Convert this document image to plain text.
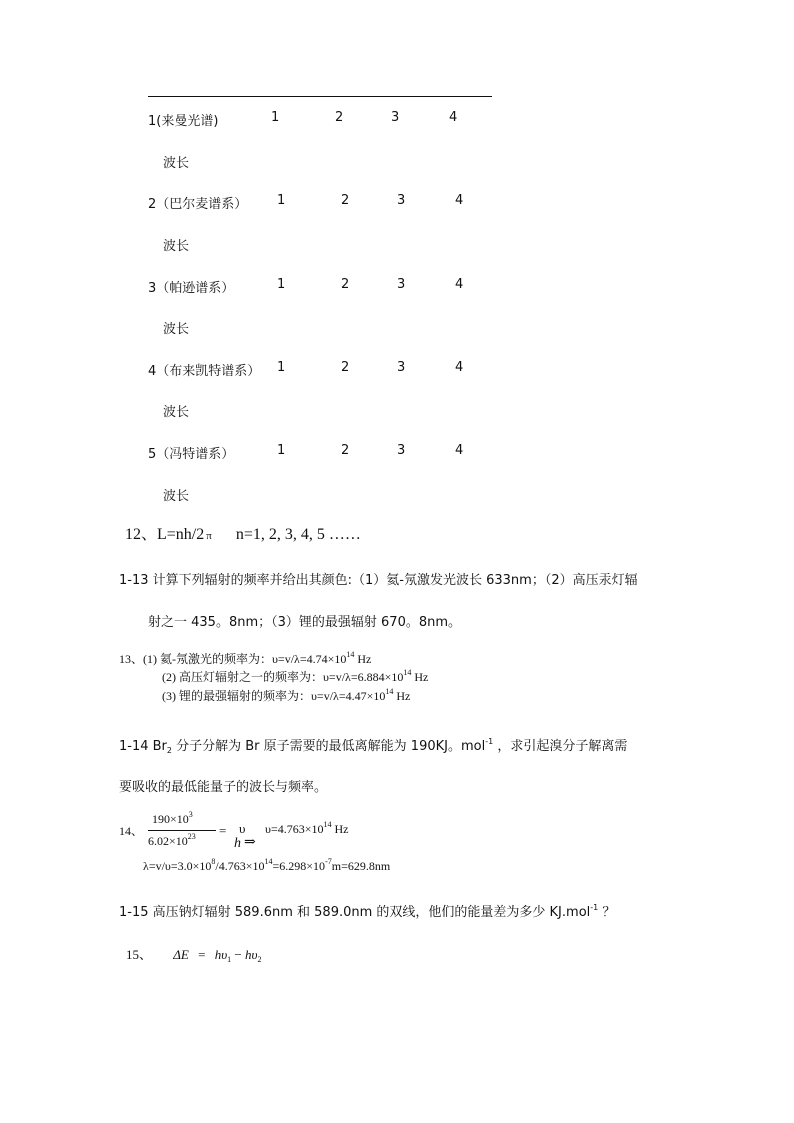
1(来曼光谱)	1	2	3	4
波长
2（巴尔麦谱系） 1	2	3	4
波长
3（帕逊谱系）	1	2	3	4
波长
4（布来凯特谱系） 1	2	3	4
波长
5（冯特谱系）	1	2	3	4
波长
12、L=nh/2 π n=1, 2, 3, 4, 5 ……
1-13 计算下列辐射的频率并给出其颜色:（1）氦-氖激发光波长 633nm；（2）高压汞灯辐
射之一 435。8nm；（3）锂的最强辐射 670。8nm。
13、(1) 氦-氖激光的频率为：$\upsilon=v/\lambda=4.74\times 10^{14}$ Hz
(2) 高压灯辐射之一的频率为：$\upsilon=v/\lambda=6.884\times 10^{14}$ Hz
(3) 锂的最强辐射的频率为：$\upsilon=v/\lambda=4.47\times 10^{14}$ Hz
1-14 $Br_2$ 分子分解为 Br 原子需要的最低离解能为 190KJ。mol$^{-1}$ ，求引起溴分子解离需
要吸收的最低能量子的波长与频率。
14、
$190\times 10^3$
$6.02\times 10^{23} = \upsilon$
h ⇒
$\upsilon=4.763\times 10^{14}$ Hz
$\lambda=v/\upsilon=3.0\times 10^8/4.763\times 10^{14}=6.298\times 10^{-7}m=629.8nm$
1-15 高压钠灯辐射 589.6nm 和 589.0nm 的双线，他们的能量差为多少 KJ.mol$^{-1}$ ？
15、 $\Delta E = h\upsilon_1 - h\upsilon_2$
